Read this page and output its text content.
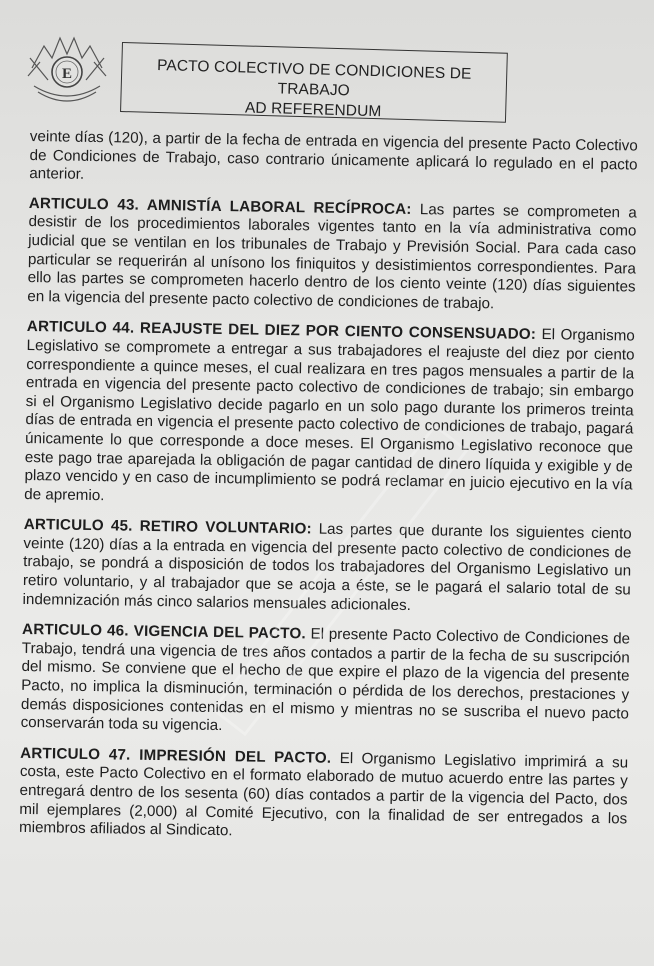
E	PACTO COLECTIVO DE CONDICIONES DE TRABAJO
AD REFERENDUM

veinte días (120), a partir de la fecha de entrada en vigencia del presente Pacto Colectivo de Condiciones de Trabajo, caso contrario únicamente aplicará lo regulado en el pacto anterior.

ARTICULO 43. AMNISTÍA LABORAL RECÍPROCA: Las partes se comprometen a desistir de los procedimientos laborales vigentes tanto en la vía administrativa como judicial que se ventilan en los tribunales de Trabajo y Previsión Social. Para cada caso particular se requerirán al unísono los finiquitos y desistimientos correspondientes. Para ello las partes se comprometen hacerlo dentro de los ciento veinte (120) días siguientes en la vigencia del presente pacto colectivo de condiciones de trabajo.

ARTICULO 44. REAJUSTE DEL DIEZ POR CIENTO CONSENSUADO: El Organismo Legislativo se compromete a entregar a sus trabajadores el reajuste del diez por ciento correspondiente a quince meses, el cual realizara en tres pagos mensuales a partir de la entrada en vigencia del presente pacto colectivo de condiciones de trabajo; sin embargo si el Organismo Legislativo decide pagarlo en un solo pago durante los primeros treinta días de entrada en vigencia el presente pacto colectivo de condiciones de trabajo, pagará únicamente lo que corresponde a doce meses. El Organismo Legislativo reconoce que este pago trae aparejada la obligación de pagar cantidad de dinero líquida y exigible y de plazo vencido y en caso de incumplimiento se podrá reclamar en juicio ejecutivo en la vía de apremio.

ARTICULO 45. RETIRO VOLUNTARIO: Las partes que durante los siguientes ciento veinte (120) días a la entrada en vigencia del presente pacto colectivo de condiciones de trabajo, se pondrá a disposición de todos los trabajadores del Organismo Legislativo un retiro voluntario, y al trabajador que se acoja a éste, se le pagará el salario total de su indemnización más cinco salarios mensuales adicionales.

ARTICULO 46. VIGENCIA DEL PACTO. El presente Pacto Colectivo de Condiciones de Trabajo, tendrá una vigencia de tres años contados a partir de la fecha de su suscripción del mismo. Se conviene que el hecho de que expire el plazo de la vigencia del presente Pacto, no implica la disminución, terminación o pérdida de los derechos, prestaciones y demás disposiciones contenidas en el mismo y mientras no se suscriba el nuevo pacto conservarán toda su vigencia.

ARTICULO 47. IMPRESIÓN DEL PACTO. El Organismo Legislativo imprimirá a su costa, este Pacto Colectivo en el formato elaborado de mutuo acuerdo entre las partes y entregará dentro de los sesenta (60) días contados a partir de la vigencia del Pacto, dos mil ejemplares (2,000) al Comité Ejecutivo, con la finalidad de ser entregados a los miembros afiliados al Sindicato.
